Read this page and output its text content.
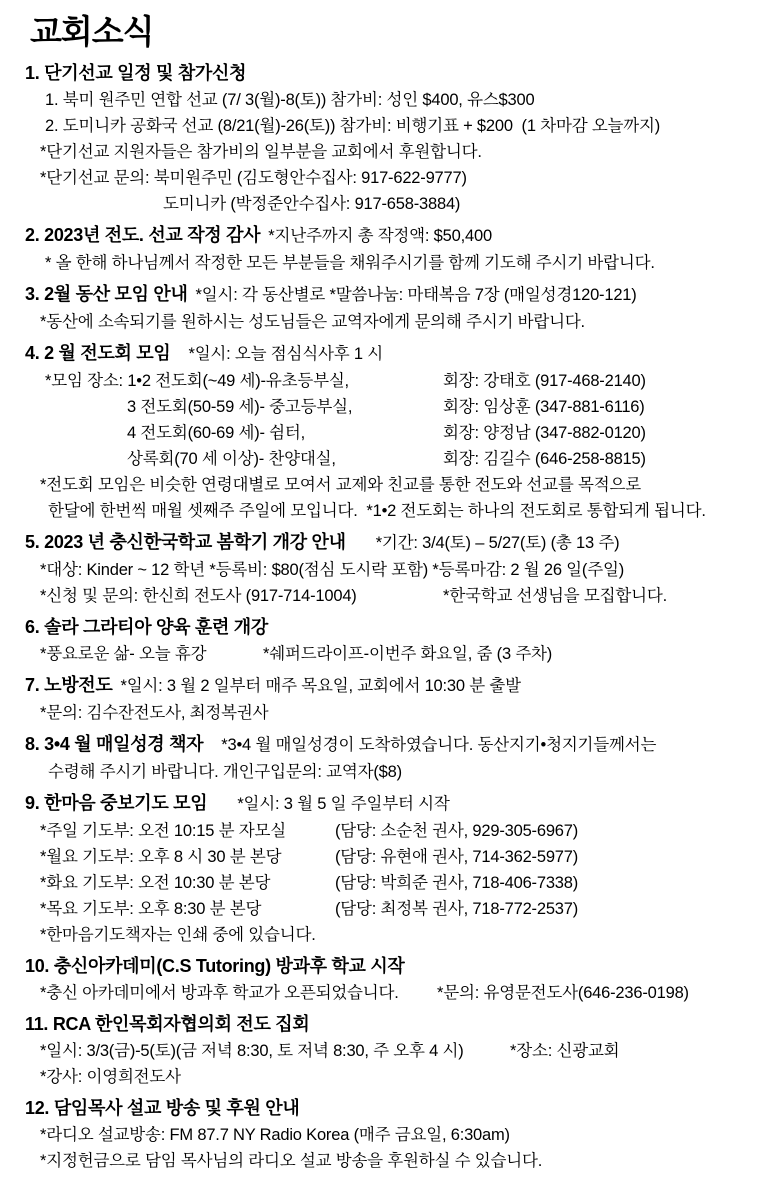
교회소식
1. 단기선교 일정 및 참가신청
1. 북미 원주민 연합 선교 (7/ 3(월)-8(토)) 참가비: 성인 $400, 유스$300
2. 도미니카 공화국 선교 (8/21(월)-26(토)) 참가비: 비행기표 + $200  (1 차마감 오늘까지)
*단기선교 지원자들은 참가비의 일부분을 교회에서 후원합니다.
*단기선교 문의: 북미원주민 (김도형안수집사: 917-622-9777)
도미니카 (박정준안수집사: 917-658-3884)
2. 2023년 전도. 선교 작정 감사 *지난주까지 총 작정액: $50,400
* 올 한해 하나님께서 작정한 모든 부분들을 채워주시기를 함께 기도해 주시기 바랍니다.
3. 2월 동산 모임 안내 *일시: 각 동산별로 *말씀나눔: 마태복음 7장 (매일성경120-121)
*동산에 소속되기를 원하시는 성도님들은 교역자에게 문의해 주시기 바랍니다.
4. 2 월 전도회 모임 *일시: 오늘 점심식사후 1 시
*모임 장소: 1•2 전도회(~49 세)-유초등부실,	회장: 강태호 (917-468-2140)
3 전도회(50-59 세)- 중고등부실,	회장: 임상훈 (347-881-6116)
4 전도회(60-69 세)- 쉼터,	회장: 양정남 (347-882-0120)
상록회(70 세 이상)- 찬양대실,	회장: 김길수 (646-258-8815)
*전도회 모임은 비슷한 연령대별로 모여서 교제와 친교를 통한 전도와 선교를 목적으로
한달에 한번씩 매월 셋째주 주일에 모입니다.  *1•2 전도회는 하나의 전도회로 통합되게 됩니다.
5. 2023 년 충신한국학교 봄학기 개강 안내 *기간: 3/4(토) – 5/27(토) (총 13 주)
*대상: Kinder ~ 12 학년 *등록비: $80(점심 도시락 포함) *등록마감: 2 월 26 일(주일)
*신청 및 문의: 한신희 전도사 (917-714-1004)	*한국학교 선생님을 모집합니다.
6. 솔라 그라티아 양육 훈련 개강
*풍요로운 삶- 오늘 휴강	*쉐퍼드라이프-이번주 화요일, 줌 (3 주차)
7. 노방전도 *일시: 3 월 2 일부터 매주 목요일, 교회에서 10:30 분 출발
*문의: 김수잔전도사, 최정복권사
8. 3•4 월 매일성경 책자 *3•4 월 매일성경이 도착하였습니다. 동산지기•청지기들께서는
수령해 주시기 바랍니다. 개인구입문의: 교역자($8)
9. 한마음 중보기도 모임 *일시: 3 월 5 일 주일부터 시작
*주일 기도부: 오전 10:15 분 자모실	(담당: 소순천 권사, 929-305-6967)
*월요 기도부: 오후 8 시 30 분 본당	(담당: 유현애 권사, 714-362-5977)
*화요 기도부: 오전 10:30 분 본당	(담당: 박희준 권사, 718-406-7338)
*목요 기도부: 오후 8:30 분 본당	(담당: 최정복 권사, 718-772-2537)
*한마음기도책자는 인쇄 중에 있습니다.
10. 충신아카데미(C.S Tutoring) 방과후 학교 시작
*충신 아카데미에서 방과후 학교가 오픈되었습니다. *문의: 유영문전도사(646-236-0198)
11. RCA 한인목회자협의회 전도 집회
*일시: 3/3(금)-5(토)(금 저녁 8:30, 토 저녁 8:30, 주 오후 4 시)	*장소: 신광교회
*강사: 이영희전도사
12. 담임목사 설교 방송 및 후원 안내
*라디오 설교방송: FM 87.7 NY Radio Korea (매주 금요일, 6:30am)
*지정헌금으로 담임 목사님의 라디오 설교 방송을 후원하실 수 있습니다.
